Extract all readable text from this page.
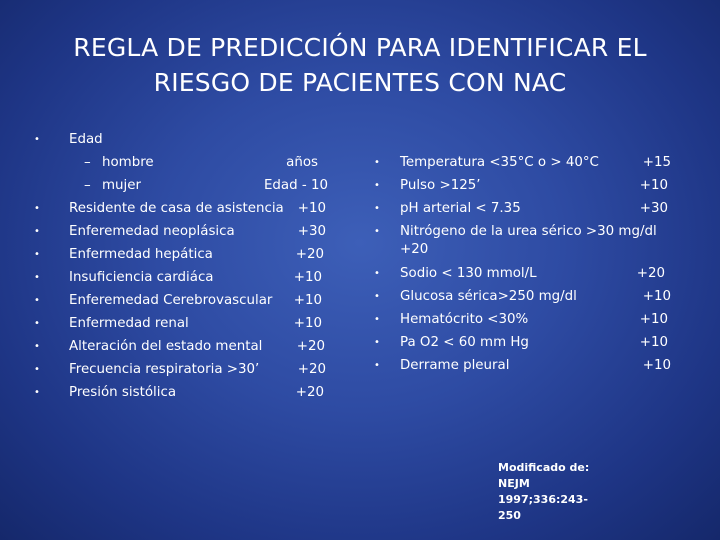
REGLA DE PREDICCIÓN PARA IDENTIFICAR EL
RIESGO DE PACIENTES CON NAC
• Edad
– hombre	años
– mujer	Edad - 10
• Residente de casa de asistencia +10
• Enferemedad neoplásica	+30
• Enfermedad hepática	+20
• Insuficiencia cardiáca	+10
• Enferemedad Cerebrovascular +10
• Enfermedad renal	+10
• Alteración del estado mental	+20
• Frecuencia respiratoria >30’	+20
• Presión sistólica	+20
• Temperatura <35°C o > 40°C	+15
• Pulso >125’	+10
• pH arterial < 7.35	+30
• Nitrógeno de la urea sérico >30 mg/dl
+20
• Sodio < 130 mmol/L	+20
• Glucosa sérica>250 mg/dl	+10
• Hematócrito <30%	+10
• Pa O2 < 60 mm Hg	+10
• Derrame pleural	+10
Modificado de:
NEJM 1997;336:243-
250
